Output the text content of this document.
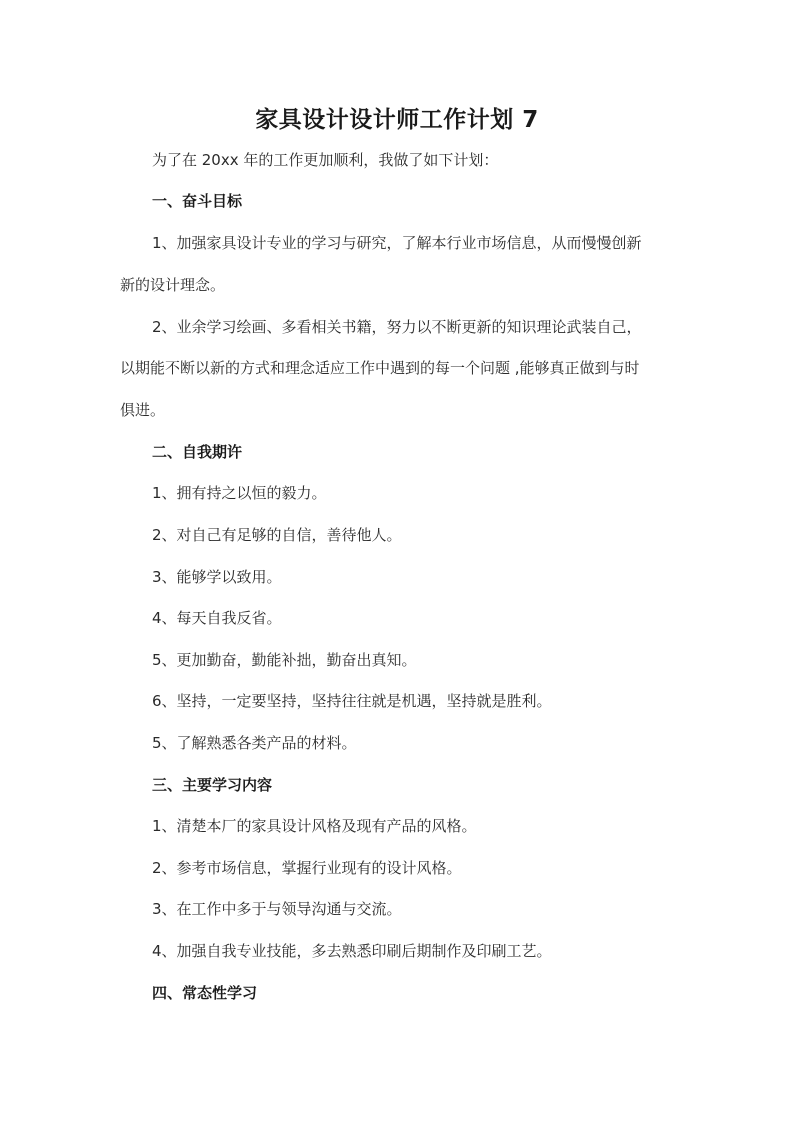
家具设计设计师工作计划 7
为了在 20xx 年的工作更加顺利，我做了如下计划：
一、奋斗目标
1、加强家具设计专业的学习与研究，了解本行业市场信息，从而慢慢创新
新的设计理念。
2、业余学习绘画、多看相关书籍，努力以不断更新的知识理论武装自己，
以期能不断以新的方式和理念适应工作中遇到的每一个问题 ,能够真正做到与时
俱进。
二、自我期许
1、拥有持之以恒的毅力。
2、对自己有足够的自信，善待他人。
3、能够学以致用。
4、每天自我反省。
5、更加勤奋，勤能补拙，勤奋出真知。
6、坚持，一定要坚持，坚持往往就是机遇，坚持就是胜利。
5、了解熟悉各类产品的材料。
三、主要学习内容
1、清楚本厂的家具设计风格及现有产品的风格。
2、参考市场信息，掌握行业现有的设计风格。
3、在工作中多于与领导沟通与交流。
4、加强自我专业技能，多去熟悉印刷后期制作及印刷工艺。
四、常态性学习
